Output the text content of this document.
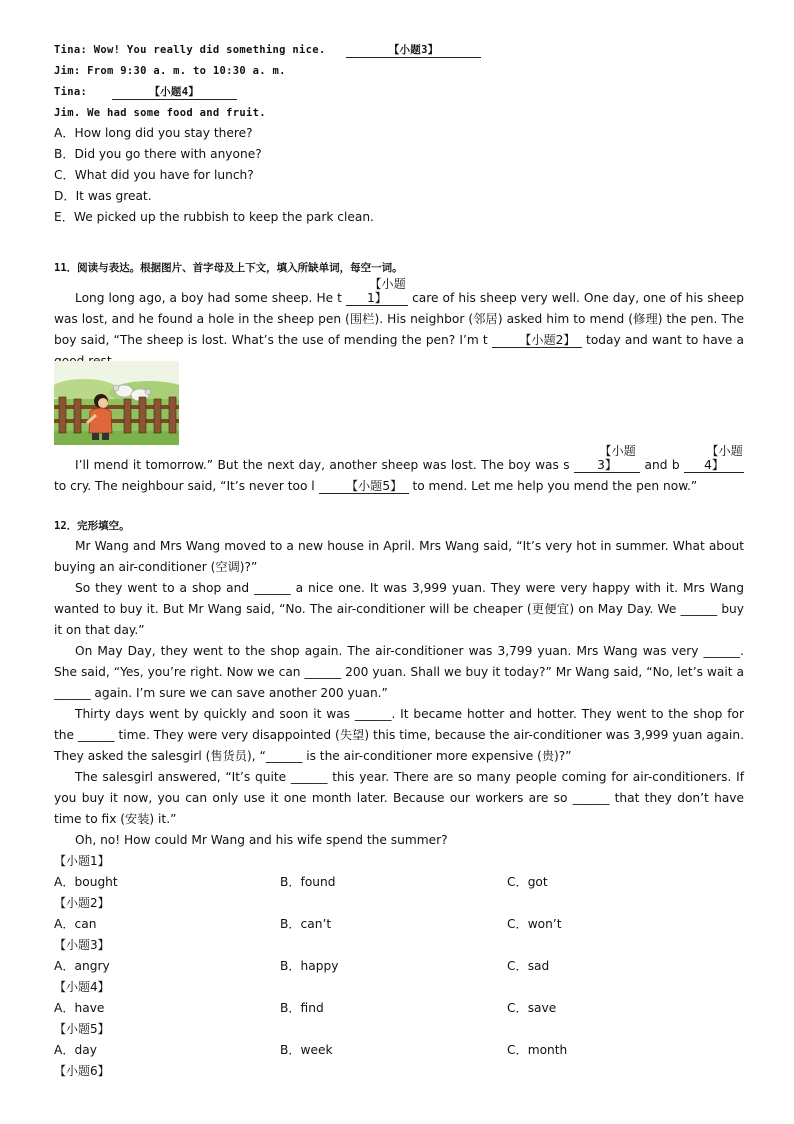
Tina: Wow! You really did something nice.	【小题3】
Jim: From 9:30 a. m. to 10:30 a. m.
Tina:	【小题4】
Jim. We had some food and fruit.
A．How long did you stay there?
B．Did you go there with anyone?
C．What did you have for lunch?
D．It was great.
E．We picked up the rubbish to keep the park clean.
11．阅读与表达。根据图片、首字母及上下文，填入所缺单词，每空一词。

Long long ago, a boy had some sheep. He t 【小题1】 care of his sheep very well. One day, one of his sheep was lost, and he found a hole in the sheep pen (围栏). His neighbor (邻居) asked him to mend (修理) the pen. The boy said, “The sheep is lost. What’s the use of mending the pen? I’m t	【小题2】 today and want to have a

I’ll mend it tomorrow.” But the next day, another sheep was lost. The boy was s 【小题3】 and b 【小题4】 to cry. The neighbour said, “It’s never too l	【小题5】 to mend. Let me help you mend the pen now.”

12．完形填空。

Mr Wang and Mrs Wang moved to a new house in April. Mrs Wang said, “It’s very hot in summer. What about buying an air-conditioner (空调)?”

So they went to a shop and ______ a nice one. It was 3,999 yuan. They were very happy with it. Mrs Wang wanted to buy it. But Mr Wang said, “No. The air-conditioner will be cheaper (更便宜) on May Day. We ______ buy it on that day.”

On May Day, they went to the shop again. The air-conditioner was 3,799 yuan. Mrs Wang was very ______. She said, “Yes, you’re right. Now we can ______ 200 yuan. Shall we buy it today?” Mr Wang said, “No, let’s wait a ______ again. I’m sure we can save another 200 yuan.”

Thirty days went by quickly and soon it was ______. It became hotter and hotter. They went to the shop for the ______ time. They were very disappointed (失望) this time, because the air-conditioner was 3,999 yuan again. They asked the salesgirl (售货员), “______ is the air-conditioner more expensive (贵)?”

The salesgirl answered, “It’s quite ______ this year. There are so many people coming for air-conditioners. If you buy it now, you can only use it one month later. Because our workers are so ______ that they don’t have time to fix (安装) it.”

Oh, no! How could Mr Wang and his wife spend the summer?

【小题1】
A．bought	B．found	C．got
【小题2】
A．can	B．can’t	C．won’t
【小题3】
A．angry	B．happy	C．sad
【小题4】
A．have	B．find	C．save
【小题5】
A．day	B．week	C．month
【小题6】
